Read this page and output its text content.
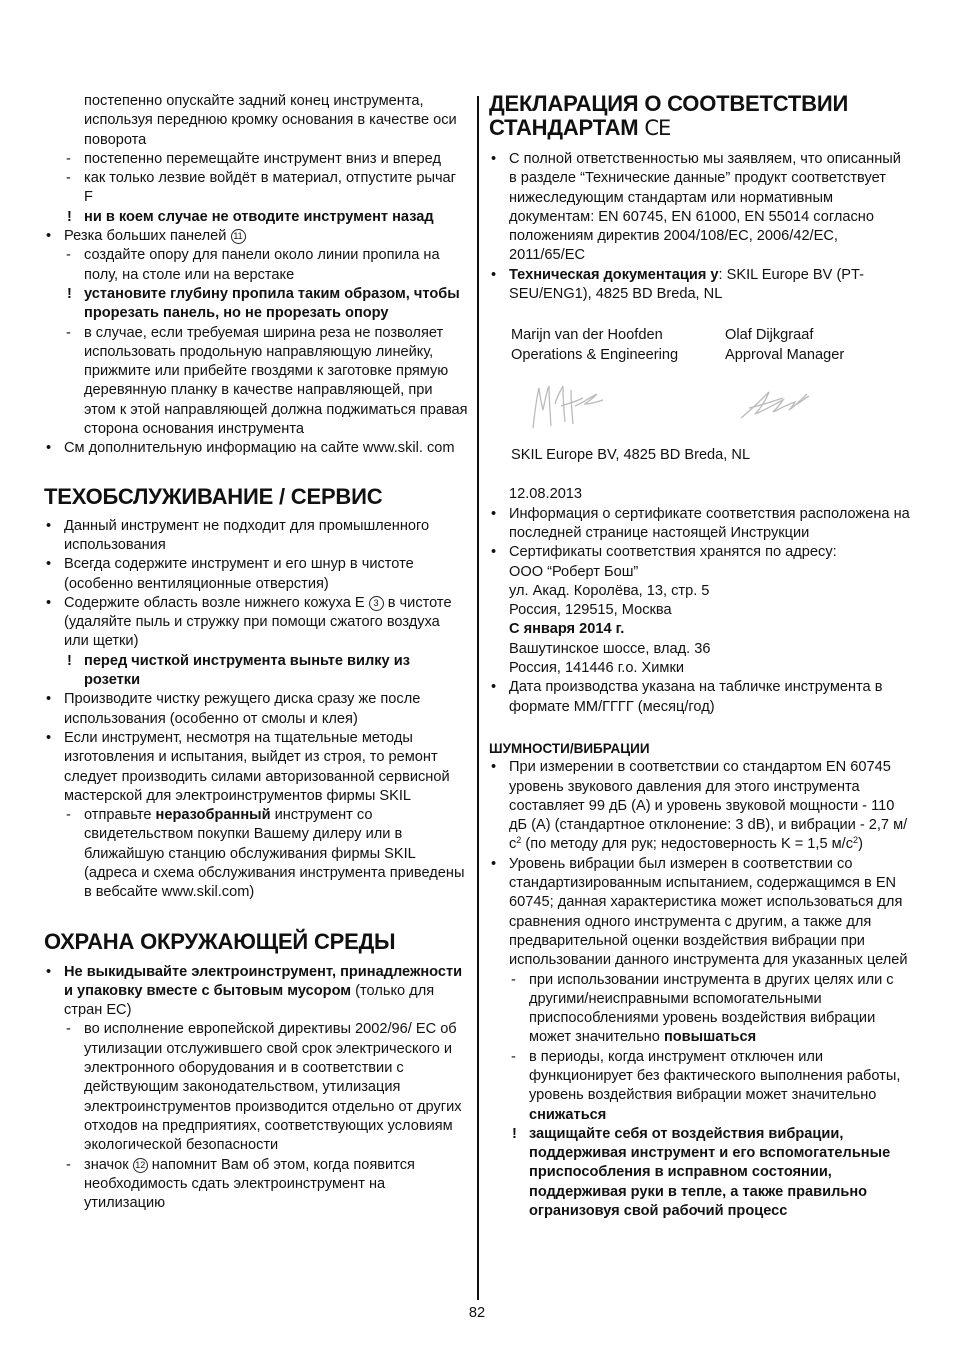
постепенно опускайте задний конец инструмента, используя переднюю кромку основания в качестве оси поворота
- постепенно перемещайте инструмент вниз и вперед
- как только лезвие войдёт в материал, отпустите рычаг F
! ни в коем случае не отводите инструмент назад
• Резка больших панелей 11
- создайте опору для панели около линии пропила на полу, на столе или на верстаке
! установите глубину пропила таким образом, чтобы прорезать панель, но не прорезать опору
- в случае, если требуемая ширина реза не позволяет использовать продольную направляющую линейку, прижмите или прибейте гвоздями к заготовке прямую деревянную планку в качестве направляющей, при этом к этой направляющей должна поджиматься правая сторона основания инструмента
• См дополнительную информацию на сайте www.skil. com
ТЕХОБСЛУЖИВАНИЕ / СЕРВИС
• Данный инструмент не подходит для промышленного использования
• Всегда содержите инструмент и его шнур в чистоте (особенно вентиляционные отверстия)
• Содержите область возле нижнего кожуха E 3 в чистоте (удаляйте пыль и стружку при помощи сжатого воздуха или щетки)
! перед чисткой инструмента выньте вилку из розетки
• Производите чистку режущего диска сразу же после использования (особенно от смолы и клея)
• Если инструмент, несмотря на тщательные методы изготовления и испытания, выйдет из строя, то ремонт следует производить силами авторизованной сервисной мастерской для электроинструментов фирмы SKIL
- отправьте неразобранный инструмент со свидетельством покупки Вашему дилеру или в ближайшую станцию обслуживания фирмы SKIL (адреса и схема обслуживания инструмента приведены в вебсайте www.skil.com)
ОХРАНА ОКРУЖАЮЩЕЙ СРЕДЫ
• Не выкидывайте электроинструмент, принадлежности и упаковку вместе с бытовым мусором (только для стран ЕС)
- во исполнение европейской директивы 2002/96/ ЕС об утилизации отслужившего свой срок электрического и электронного оборудования и в соответствии с действующим законодательством, утилизация электроинструментов производится отдельно от других отходов на предприятиях, соответствующих условиям экологической безопасности
- значок 12 напомнит Вам об этом, когда появится необходимость сдать электроинструмент на утилизацию
ДЕКЛАРАЦИЯ О СООТВЕТСТВИИ СТАНДАРТАМ CE
• С полной ответственностью мы заявляем, что описанный в разделе “Технические данные” продукт соответствует нижеследующим стандартам или нормативным документам: EN 60745, EN 61000, EN 55014 согласно положениям директив 2004/108/EC, 2006/42/EC, 2011/65/EC
• Техническая документация у: SKIL Europe BV (PT-SEU/ENG1), 4825 BD Breda, NL
Marijn van der Hoofden
Operations & Engineering
Olaf Dijkgraaf
Approval Manager
SKIL Europe BV, 4825 BD Breda, NL
12.08.2013
• Информация о сертификате соответствия расположена на последней странице настоящей Инструкции
• Сертификаты соответствия хранятся по адресу:
ООО “Роберт Бош”
ул. Акад. Королёва, 13, стр. 5
Россия, 129515, Москва
С января 2014 г.
Вашутинское шоссе, влад. 36
Россия, 141446 г.о. Химки
• Дата производства указана на табличке инструмента в формате ММ/ГГГГ (месяц/год)
ШУМНОСТИ/ВИБРАЦИИ
• При измерении в соответствии со стандартом EN 60745 уровень звукового давления для этого инструмента составляет 99 дБ (A) и уровень звуковой мощности - 110 дБ (A) (стандартное отклонение: 3 dB), и вибрации - 2,7 $м/с^2$ (по методу для рук; недостоверность K = 1,5 $м/с^2$)
• Уровень вибрации был измерен в соответствии со стандартизированным испытанием, содержащимся в EN 60745; данная характеристика может использоваться для сравнения одного инструмента с другим, а также для предварительной оценки воздействия вибрации при использовании данного инструмента для указанных целей
- при использовании инструмента в других целях или с другими/неисправными вспомогательными приспособлениями уровень воздействия вибрации может значительно повышаться
- в периоды, когда инструмент отключен или функционирует без фактического выполнения работы, уровень воздействия вибрации может значительно снижаться
! защищайте себя от воздействия вибрации, поддерживая инструмент и его вспомогательные приспособления в исправном состоянии, поддерживая руки в тепле, а также правильно огранизовуя свой рабочий процесс
82
